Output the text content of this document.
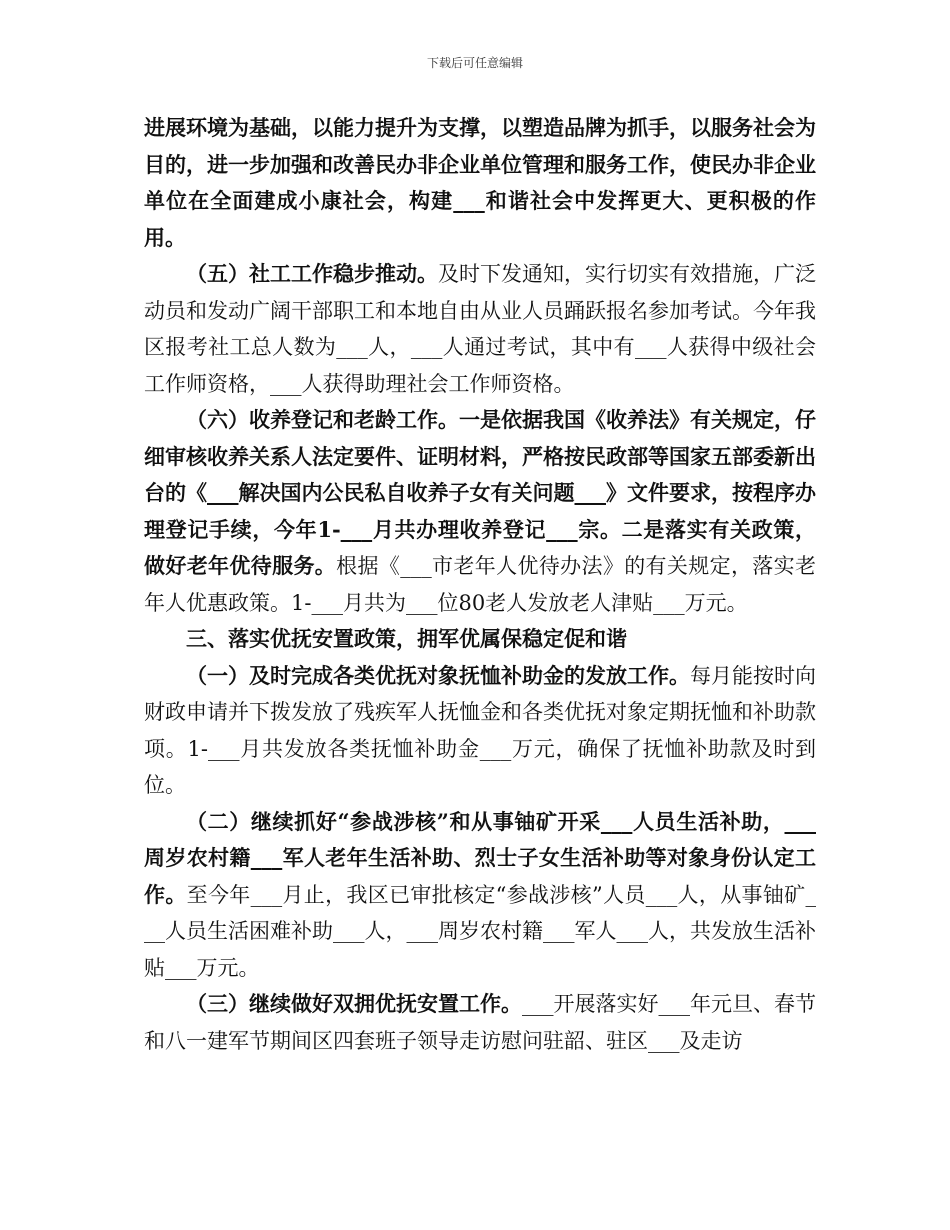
下载后可任意编辑

进展环境为基础，以能力提升为支撑，以塑造品牌为抓手，以服务社会为目的，进一步加强和改善民办非企业单位管理和服务工作，使民办非企业单位在全面建成小康社会，构建___和谐社会中发挥更大、更积极的作用。

（五）社工工作稳步推动。及时下发通知，实行切实有效措施，广泛动员和发动广阔干部职工和本地自由从业人员踊跃报名参加考试。今年我区报考社工总人数为___人，___人通过考试，其中有___人获得中级社会工作师资格，___人获得助理社会工作师资格。

（六）收养登记和老龄工作。一是依据我国《收养法》有关规定，仔细审核收养关系人法定要件、证明材料，严格按民政部等国家五部委新出台的《___解决国内公民私自收养子女有关问题___》文件要求，按程序办理登记手续，今年1-___月共办理收养登记___宗。二是落实有关政策，做好老年优待服务。根据《___市老年人优待办法》的有关规定，落实老年人优惠政策。1-___月共为___位80老人发放老人津贴___万元。

三、落实优抚安置政策，拥军优属保稳定促和谐

（一）及时完成各类优抚对象抚恤补助金的发放工作。每月能按时向财政申请并下拨发放了残疾军人抚恤金和各类优抚对象定期抚恤和补助款项。1-___月共发放各类抚恤补助金___万元，确保了抚恤补助款及时到位。

（二）继续抓好“参战涉核”和从事铀矿开采___人员生活补助，___周岁农村籍___军人老年生活补助、烈士子女生活补助等对象身份认定工作。至今年___月止，我区已审批核定“参战涉核”人员___人，从事铀矿___人员生活困难补助___人，___周岁农村籍___军人___人，共发放生活补贴___万元。

（三）继续做好双拥优抚安置工作。___开展落实好___年元旦、春节和八一建军节期间区四套班子领导走访慰问驻韶、驻区___及走访
